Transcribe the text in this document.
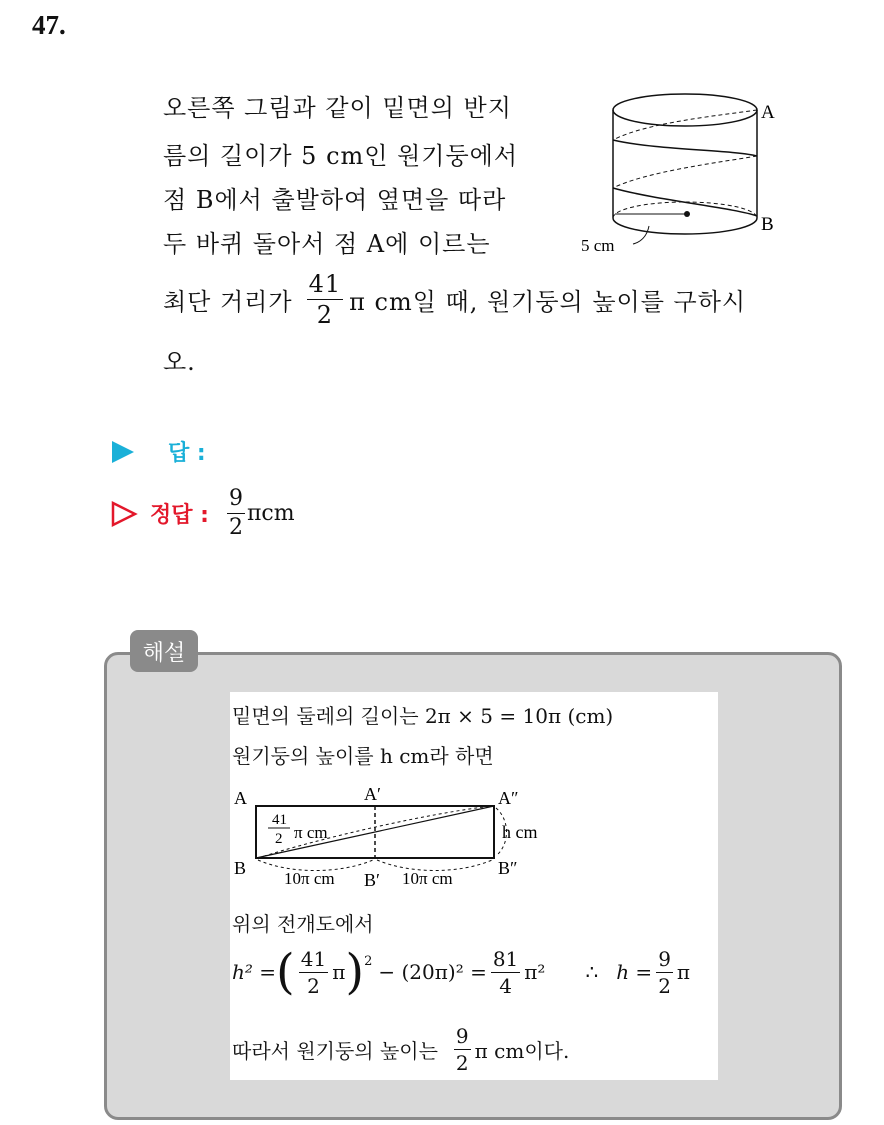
47.
오른쪽 그림과 같이 밑면의 반지
름의 길이가 5 cm인 원기둥에서
점 B에서 출발하여 옆면을 따라
두 바퀴 돌아서 점 A에 이르는
최단 거리가 $\frac{41}{2}$ π cm일 때, 원기둥의 높이를 구하시
오.
A
B
5 cm
답 :
정답 : $\frac{9}{2}$ πcm
해설
밑면의 둘레의 길이는 2π × 5 = 10π (cm)
원기둥의 높이를 h cm라 하면
A	A′	A″
B
B′
B″
41
2 π cm	h cm
10π cm	10π cm
위의 전개도에서
h² = ( $\frac{41}{2}$ π ) $2 - (20\pi)^2 = \frac{81}{4} \pi^2$ ∴ $h = \frac{9}{2}$ π
따라서 원기둥의 높이는 $\frac{9}{2}$ π cm이다.
